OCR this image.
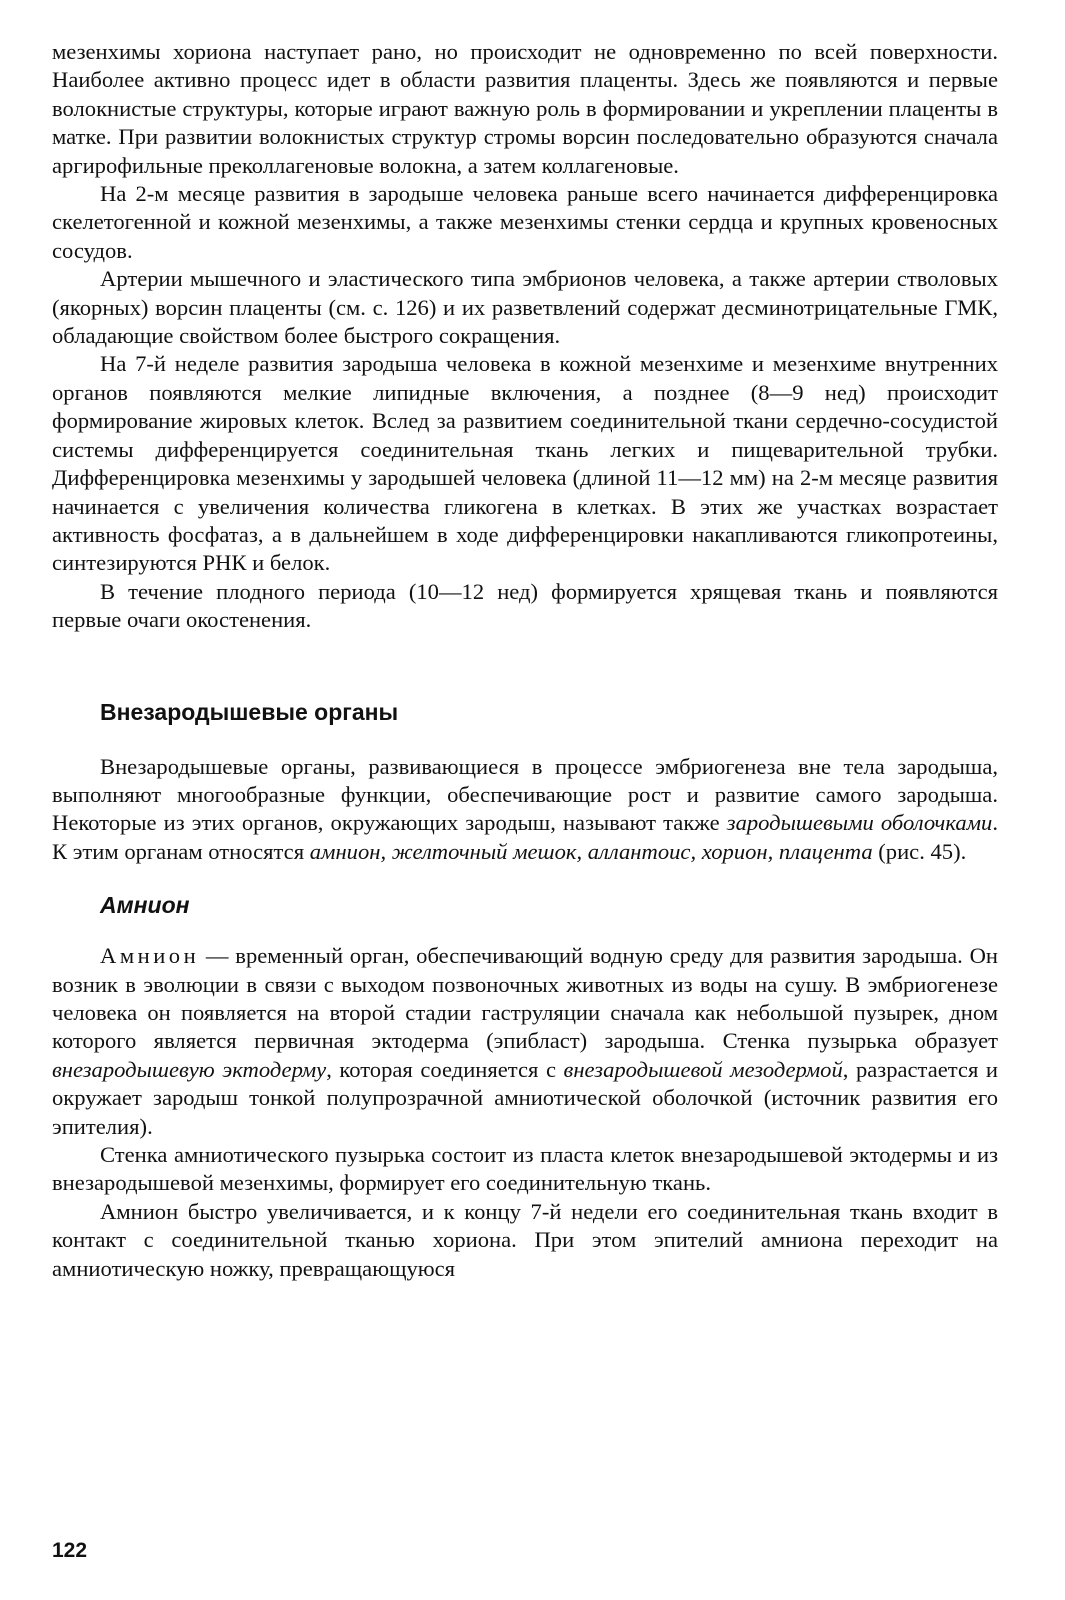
мезенхимы хориона наступает рано, но происходит не одновременно по всей поверхности. Наиболее активно процесс идет в области развития плаценты. Здесь же появляются и первые волокнистые структуры, которые играют важную роль в формировании и укреплении плаценты в матке. При развитии волокнистых структур стромы ворсин последовательно образуются сначала аргирофильные преколлагеновые волокна, а затем коллагеновые.

На 2-м месяце развития в зародыше человека раньше всего начинается дифференцировка скелетогенной и кожной мезенхимы, а также мезенхимы стенки сердца и крупных кровеносных сосудов.

Артерии мышечного и эластического типа эмбрионов человека, а также артерии стволовых (якорных) ворсин плаценты (см. с. 126) и их разветвлений содержат десминотрицательные ГМК, обладающие свойством более быстрого сокращения.

На 7-й неделе развития зародыша человека в кожной мезенхиме и мезенхиме внутренних органов появляются мелкие липидные включения, а позднее (8—9 нед) происходит формирование жировых клеток. Вслед за развитием соединительной ткани сердечно-сосудистой системы дифференцируется соединительная ткань легких и пищеварительной трубки. Дифференцировка мезенхимы у зародышей человека (длиной 11—12 мм) на 2-м месяце развития начинается с увеличения количества гликогена в клетках. В этих же участках возрастает активность фосфатаз, а в дальнейшем в ходе дифференцировки накапливаются гликопротеины, синтезируются РНК и белок.

В течение плодного периода (10—12 нед) формируется хрящевая ткань и появляются первые очаги окостенения.

Внезародышевые органы

Внезародышевые органы, развивающиеся в процессе эмбриогенеза вне тела зародыша, выполняют многообразные функции, обеспечивающие рост и развитие самого зародыша. Некоторые из этих органов, окружающих зародыш, называют также зародышевыми оболочками. К этим органам относятся амнион, желточный мешок, аллантоис, хорион, плацента (рис. 45).

Амнион

Амнион — временный орган, обеспечивающий водную среду для развития зародыша. Он возник в эволюции в связи с выходом позвоночных животных из воды на сушу. В эмбриогенезе человека он появляется на второй стадии гаструляции сначала как небольшой пузырек, дном которого является первичная эктодерма (эпибласт) зародыша. Стенка пузырька образует внезародышевую эктодерму, которая соединяется с внезародышевой мезодермой, разрастается и окружает зародыш тонкой полупрозрачной амниотической оболочкой (источник развития его эпителия).

Стенка амниотического пузырька состоит из пласта клеток внезародышевой эктодермы и из внезародышевой мезенхимы, формирует его соединительную ткань.

Амнион быстро увеличивается, и к концу 7-й недели его соединительная ткань входит в контакт с соединительной тканью хориона. При этом эпителий амниона переходит на амниотическую ножку, превращающуюся

122
